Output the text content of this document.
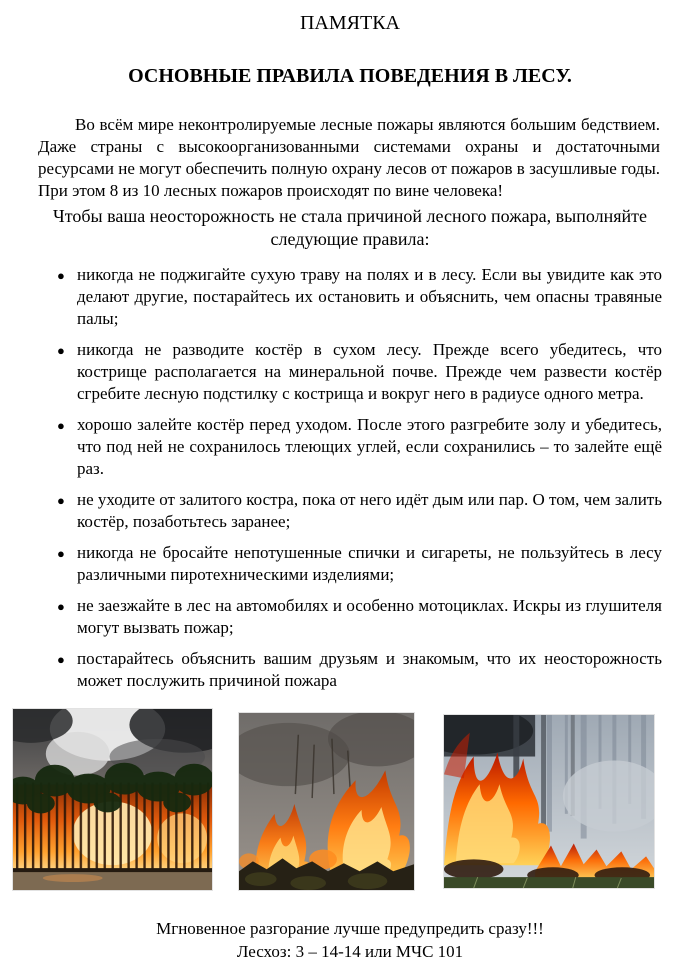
ПАМЯТКА
ОСНОВНЫЕ ПРАВИЛА ПОВЕДЕНИЯ В ЛЕСУ.

Во всём мире неконтролируемые лесные пожары являются большим бедствием. Даже страны с высокоорганизованными системами охраны и достаточными ресурсами не могут обеспечить полную охрану лесов от пожаров в засушливые годы. При этом 8 из 10 лесных пожаров происходят по вине человека!

Чтобы ваша неосторожность не стала причиной лесного пожара, выполняйте следующие правила:

● никогда не поджигайте сухую траву на полях и в лесу. Если вы увидите как это делают другие, постарайтесь их остановить и объяснить, чем опасны травяные палы;
● никогда не разводите костёр в сухом лесу. Прежде всего убедитесь, что кострище располагается на минеральной почве. Прежде чем развести костёр сгребите лесную подстилку с кострища и вокруг него в радиусе одного метра.
● хорошо залейте костёр перед уходом. После этого разгребите золу и убедитесь, что под ней не сохранилось тлеющих углей, если сохранились – то залейте ещё раз.
● не уходите от залитого костра, пока от него идёт дым или пар. О том, чем залить костёр, позаботьтесь заранее;
● никогда не бросайте непотушенные спички и сигареты, не пользуйтесь в лесу различными пиротехническими изделиями;
● не заезжайте в лес на автомобилях и особенно мотоциклах. Искры из глушителя могут вызвать пожар;
● постарайтесь объяснить вашим друзьям и знакомым, что их неосторожность может послужить причиной пожара

Мгновенное разгорание лучше предупредить сразу!!!

Лесхоз: 3 – 14-14 или МЧС 101
